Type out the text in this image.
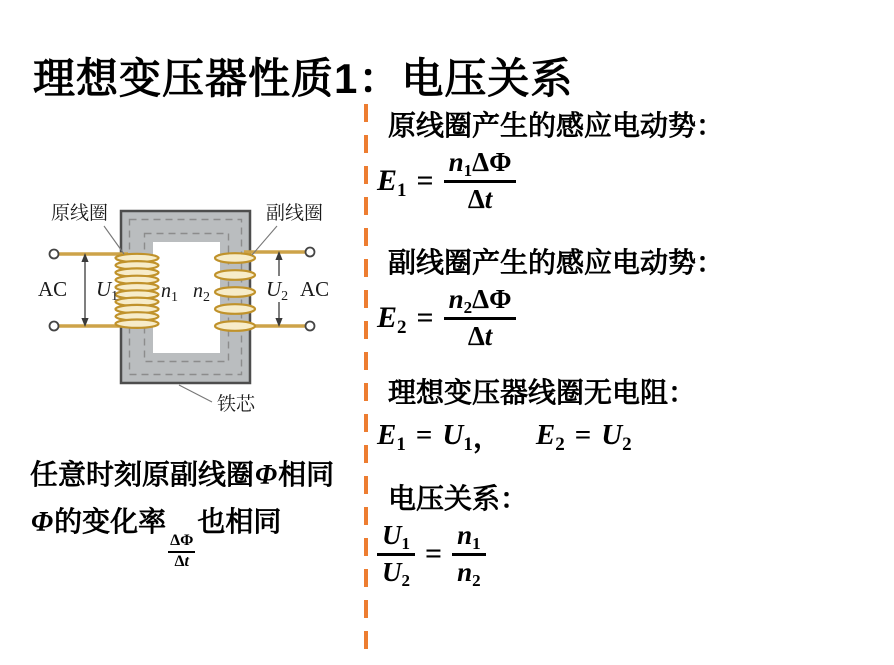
理想变压器性质1：电压关系
原线圈	副线圈
铁芯
AC U1	U2 AC
$n_1$ $n_2$
任意时刻原副线圈Φ相同
Φ的变化率
$\frac{\Delta\Phi}{\Delta t}$
也相同
原线圈产生的感应电动势：
$E_1 = \frac{n_1\Delta\Phi}{\Delta t}$
副线圈产生的感应电动势：
$E_2 = \frac{n_2\Delta\Phi}{\Delta t}$
理想变压器线圈无电阻：
$E_1 = U_1$ ， $E_2 = U_2$
电压关系：
$\frac{U_1}{U_2} = \frac{n_1}{n_2}$
